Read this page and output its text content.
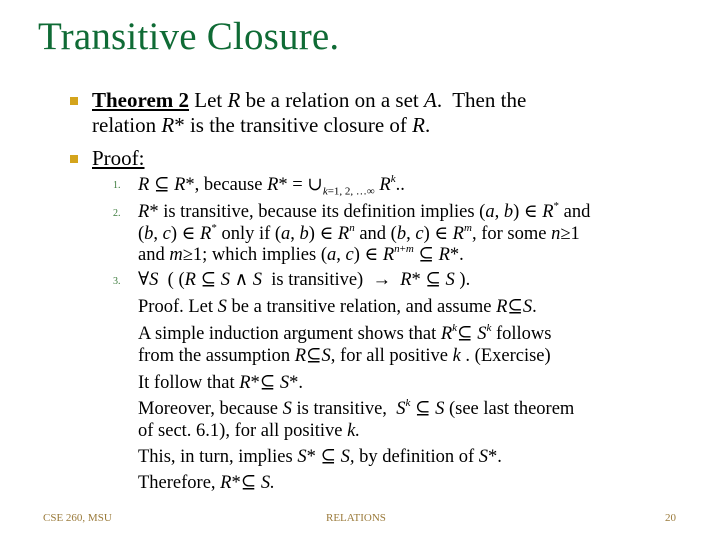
Transitive Closure.
Theorem 2 Let R be a relation on a set A.  Then the
relation R* is the transitive closure of R.
Proof:
1. R ⊆ R*, because R* = ∪k=1, 2, …∞ $R^k$..
2. R* is transitive, because its definition implies (a, b) ∈ R* and
(b, c) ∈ R* only if (a, b) ∈ $R^n$ and (b, c) ∈ $R^m$, for some n≥1
and m≥1; which implies (a, c) ∈ $R^{n+m}$ ⊆ R*.
3. ∀S  ( (R ⊆ S ∧ S  is transitive)  →  R* ⊆ S ).
Proof. Let S be a transitive relation, and assume R⊆S.
A simple induction argument shows that $R^k⊆$ $S^k$ follows
from the assumption R⊆S, for all positive k . (Exercise)
It follow that R*⊆ S*.
Moreover, because S is transitive,  $S^k$ ⊆ S (see last theorem
of sect. 6.1), for all positive k.
This, in turn, implies S* ⊆ S, by definition of S*.
Therefore, R*⊆ S.
CSE 260, MSU	RELATIONS	20
